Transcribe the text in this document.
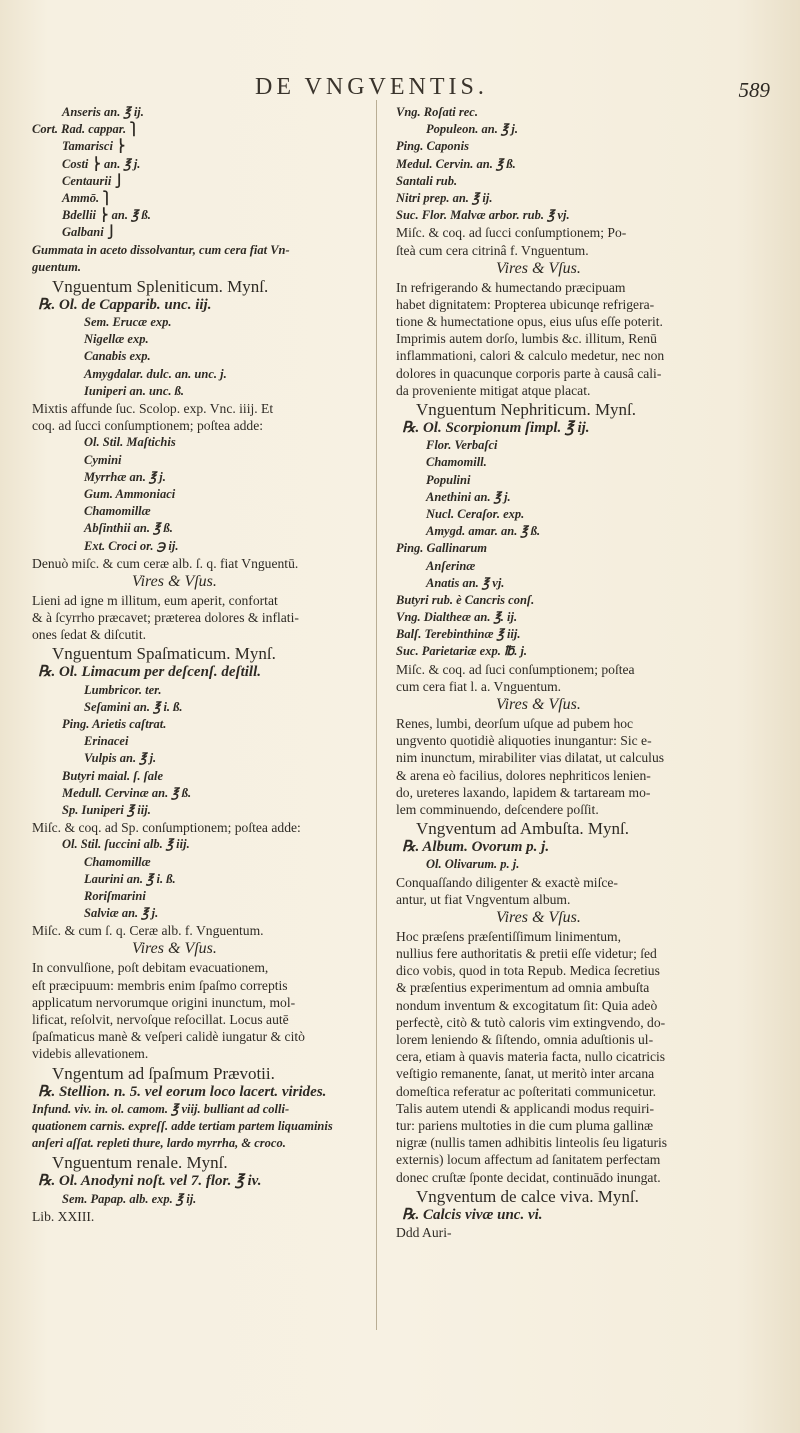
DE VNGVENTIS.	589
Anseris an. ℥ ij.
Cort. Rad. cappar. ⎫
Tamarisci ⎬
Costi ⎬ an. ℥ j.
Centaurii ⎭
Ammō. ⎫
Bdellii ⎬ an. ℥ ß.
Galbani ⎭
Gummata in aceto dissolvantur, cum cera fiat Vn-
guentum.
Vnguentum Spleniticum. Mynſ.
℞. Ol. de Capparib. unc. iij.
Sem. Erucæ exp.
Nigellæ exp.
Canabis exp.
Amygdalar. dulc. an. unc. j.
Iuniperi an. unc. ß.
Mixtis affunde ſuc. Scolop. exp. Vnc. iiij. Et
coq. ad ſucci conſumptionem; poſtea adde:
Ol. Stil. Maſtichis
Cymini
Myrrhæ an. ℥ j.
Gum. Ammoniaci
Chamomillæ
Abſinthii an. ℥ ß.
Ext. Croci or. ℈ ij.
Denuò miſc. & cum ceræ alb. ſ. q. fiat Vnguentū.
Vires & Vſus.
Lieni ad igne m illitum, eum aperit, confortat
& à ſcyrrho præcavet; præterea dolores & inflati-
ones ſedat & diſcutit.
Vnguentum Spaſmaticum. Mynſ.
℞. Ol. Limacum per deſcenſ. deſtill.
Lumbricor. ter.
Seſamini an. ℥ i. ß.
Ping. Arietis caſtrat.
Erinacei
Vulpis an. ℥ j.
Butyri maial. ſ. ſale
Medull. Cervinæ an. ℥ ß.
Sp. Iuniperi ℥ iij.
Miſc. & coq. ad Sp. conſumptionem; poſtea adde:
Ol. Stil. ſuccini alb. ℥ iij.
Chamomillæ
Laurini an. ℥ i. ß.
Roriſmarini
Salviæ an. ℥ j.
Miſc. & cum ſ. q. Ceræ alb. f. Vnguentum.
Vires & Vſus.
In convulſione, poſt debitam evacuationem,
eſt præcipuum: membris enim ſpaſmo correptis
applicatum nervorumque origini inunctum, mol-
lificat, reſolvit, nervoſque reſocillat. Locus autē
ſpaſmaticus manè & veſperi calidè iungatur & citò
videbis allevationem.
Vngentum ad ſpaſmum Prævotii.
℞. Stellion. n. 5. vel eorum loco lacert. virides.
Infund. viv. in. ol. camom. ℥ viij. bulliant ad colli-
quationem carnis. expreſſ. adde tertiam partem liquaminis
anſeri aſſat. repleti thure, lardo myrrha, & croco.
Vnguentum renale. Mynſ.
℞. Ol. Anodyni noſt. vel 7. flor. ℥ iv.
Sem. Papap. alb. exp. ℥ ij.
Lib. XXIII.
Vng. Roſati rec.
Populeon. an. ℥ j.
Ping. Caponis
Medul. Cervin. an. ℥ ß.
Santali rub.
Nitri prep. an. ℥ ij.
Suc. Flor. Malvæ arbor. rub. ℥ vj.
Miſc. & coq. ad ſucci conſumptionem; Po-
ſteà cum cera citrinâ f. Vnguentum.
Vires & Vſus.
In refrigerando & humectando præcipuam
habet dignitatem: Propterea ubicunqe refrigera-
tione & humectatione opus, eius uſus eſſe poterit.
Imprimis autem dorſo, lumbis &c. illitum, Renū
inflammationi, calori & calculo medetur, nec non
dolores in quacunque corporis parte à causâ cali-
da proveniente mitigat atque placat.
Vnguentum Nephriticum. Mynſ.
℞. Ol. Scorpionum ſimpl. ℥ ij.
Flor. Verbaſci
Chamomill.
Populini
Anethini an. ℥ j.
Nucl. Ceraſor. exp.
Amygd. amar. an. ℥ ß.
Ping. Gallinarum
Anſerinæ
Anatis an. ℥ vj.
Butyri rub. è Cancris conſ.
Vng. Dialtheæ an. ℥. ij.
Balſ. Terebinthinæ ℥ iij.
Suc. Parietariæ exp. ℔. j.
Miſc. & coq. ad ſuci conſumptionem; poſtea
cum cera fiat l. a. Vnguentum.
Vires & Vſus.
Renes, lumbi, deorſum uſque ad pubem hoc
ungvento quotidiè aliquoties inungantur: Sic e-
nim inunctum, mirabiliter vias dilatat, ut calculus
& arena eò facilius, dolores nephriticos lenien-
do, ureteres laxando, lapidem & tartaream mo-
lem comminuendo, deſcendere poſſit.
Vngventum ad Ambuſta. Mynſ.
℞. Album. Ovorum p. j.
Ol. Olivarum. p. j.
Conquaſſando diligenter & exactè miſce-
antur, ut fiat Vngventum album.
Vires & Vſus.
Hoc præſens præſentiſſimum linimentum,
nullius fere authoritatis & pretii eſſe videtur; ſed
dico vobis, quod in tota Repub. Medica ſecretius
& præſentius experimentum ad omnia ambuſta
nondum inventum & excogitatum ſit: Quia adeò
perfectè, citò & tutò caloris vim extingvendo, do-
lorem leniendo & ſiſtendo, omnia aduſtionis ul-
cera, etiam à quavis materia facta, nullo cicatricis
veſtigio remanente, ſanat, ut meritò inter arcana
domeſtica referatur ac poſteritati communicetur.
Talis autem utendi & applicandi modus requiri-
tur: pariens multoties in die cum pluma gallinæ
nigræ (nullis tamen adhibitis linteolis ſeu ligaturis
externis) locum affectum ad ſanitatem perfectam
donec cruſtæ ſponte decidat, continuādo inungat.
Vngventum de calce viva. Mynſ.
℞. Calcis vivæ unc. vi.
Ddd Auri-
